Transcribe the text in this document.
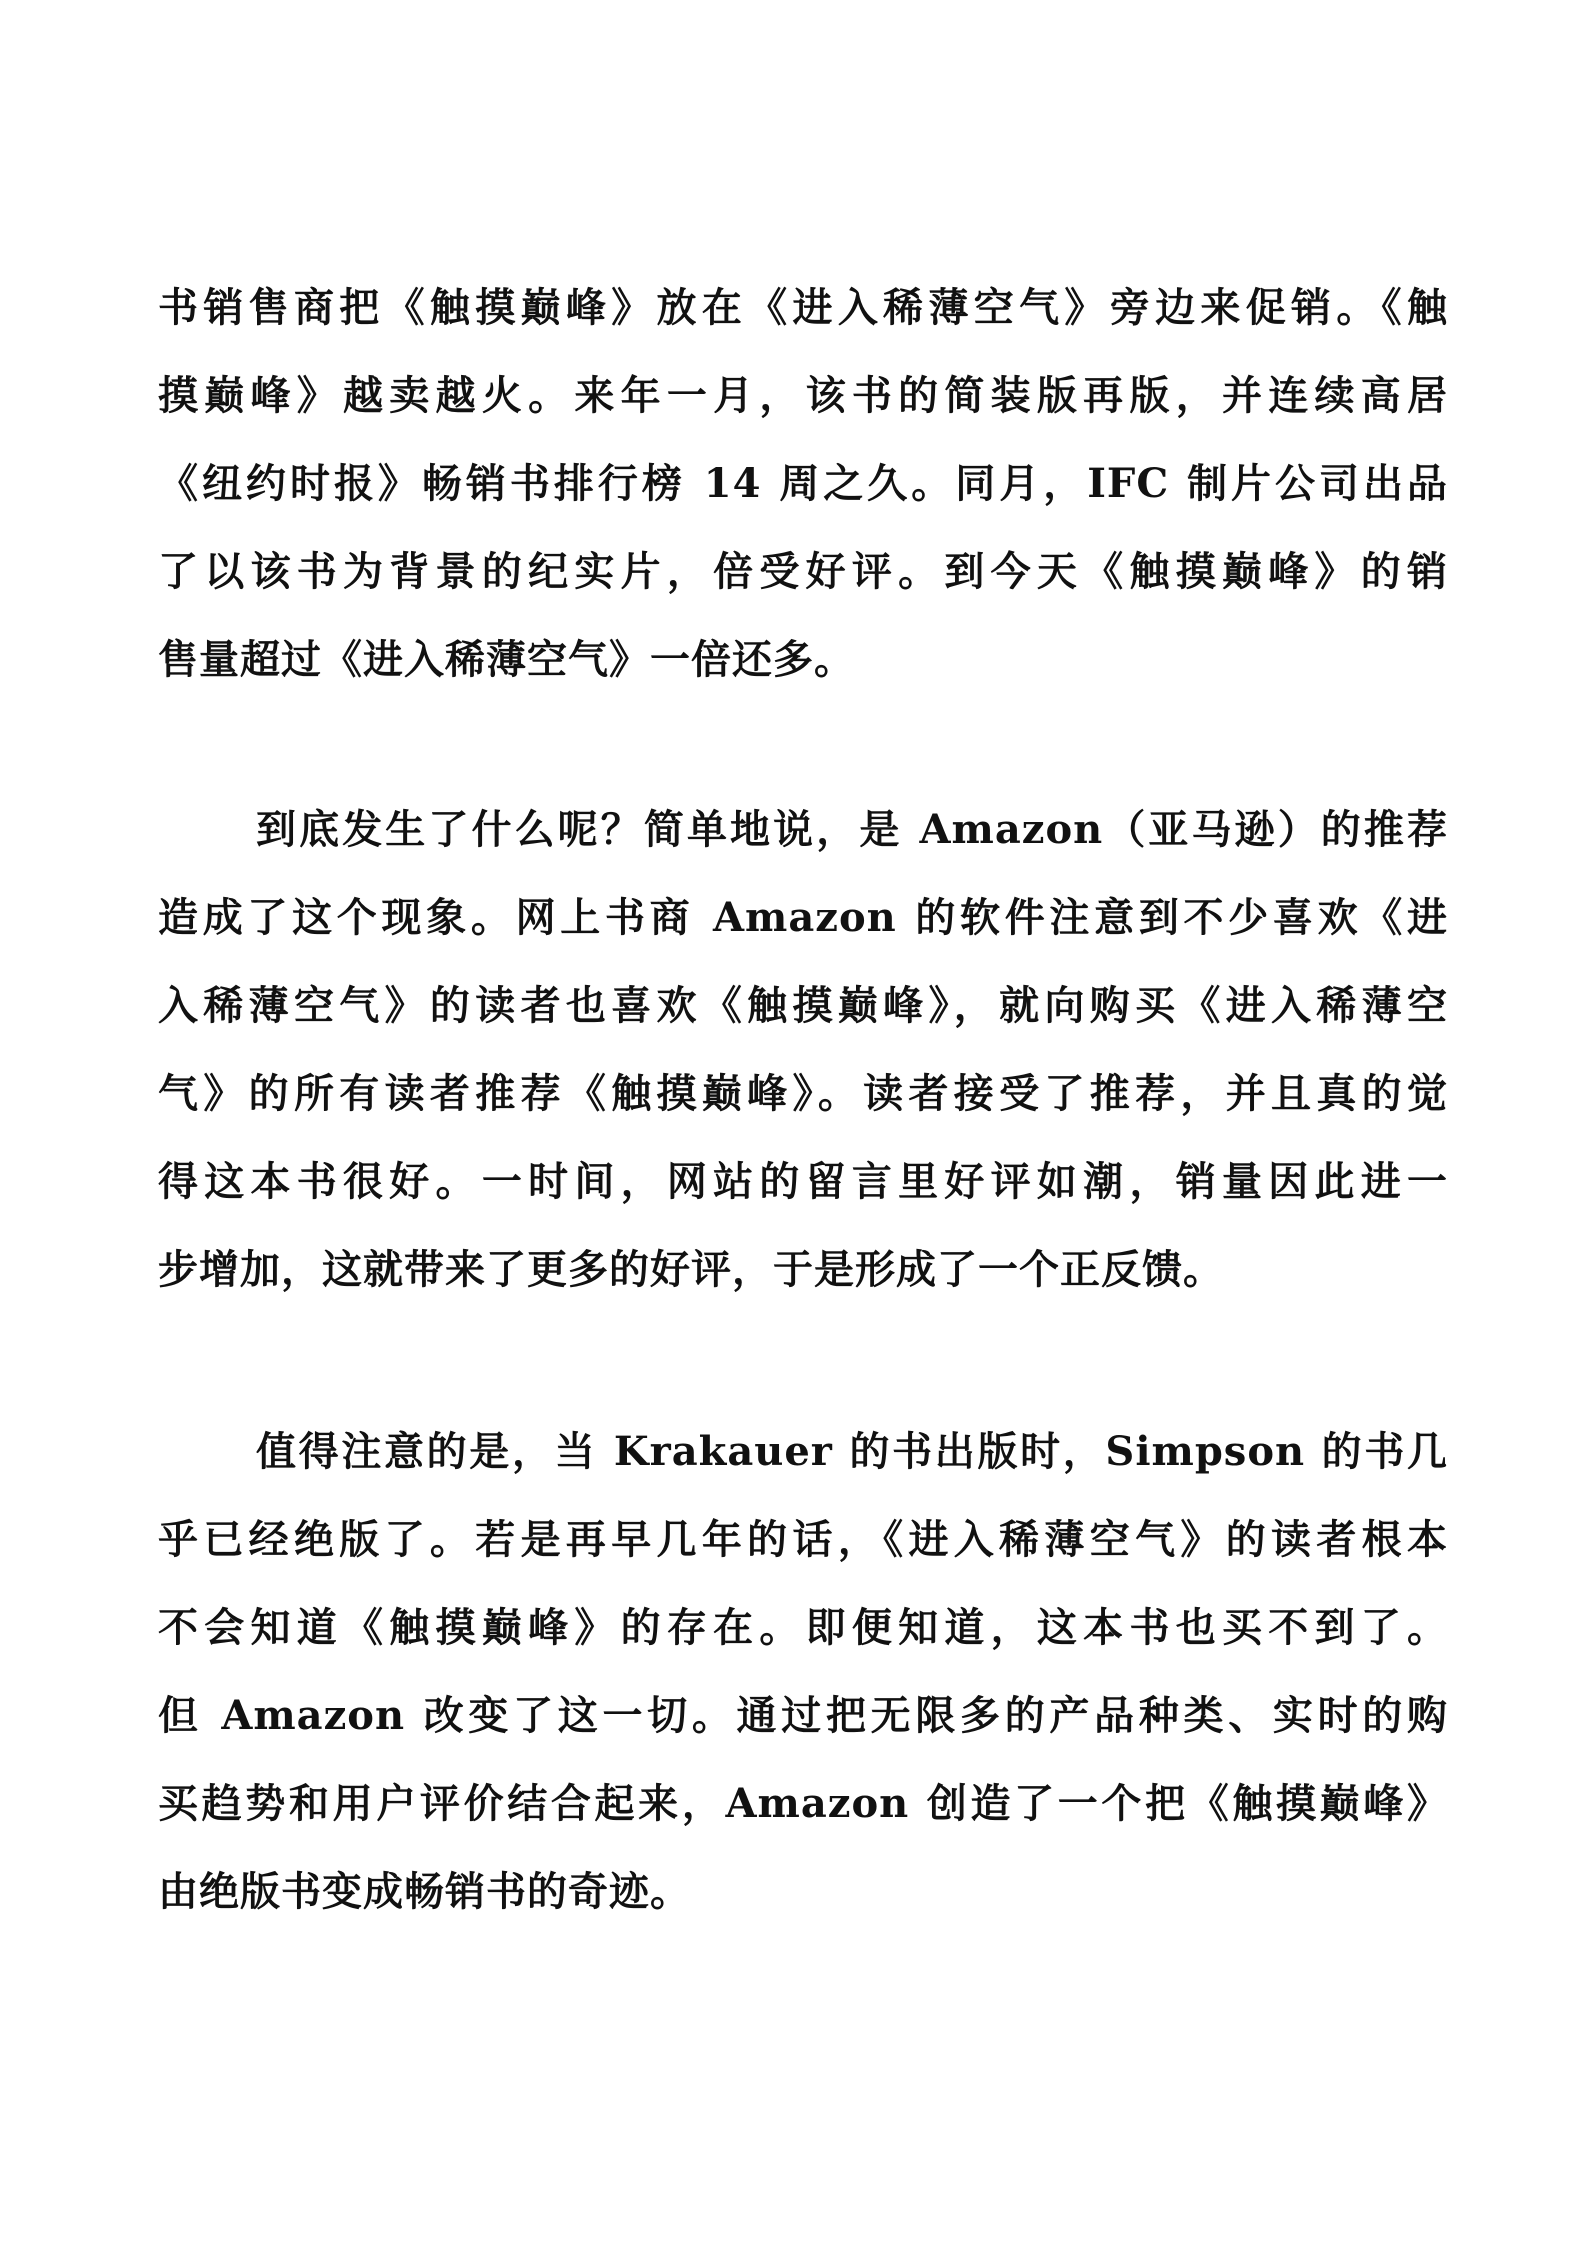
书销售商把《触摸巅峰》放在《进入稀薄空气》旁边来促销。《触
摸巅峰》越卖越火。来年一月，该书的简装版再版，并连续高居
《纽约时报》畅销书排行榜 14 周之久。同月，IFC 制片公司出品
了以该书为背景的纪实片，倍受好评。到今天《触摸巅峰》的销
售量超过《进入稀薄空气》一倍还多。
到底发生了什么呢？简单地说，是 Amazon（亚马逊）的推荐
造成了这个现象。网上书商 Amazon 的软件注意到不少喜欢《进
入稀薄空气》的读者也喜欢《触摸巅峰》，就向购买《进入稀薄空
气》的所有读者推荐《触摸巅峰》。读者接受了推荐，并且真的觉
得这本书很好。一时间，网站的留言里好评如潮，销量因此进一
步增加，这就带来了更多的好评，于是形成了一个正反馈。
值得注意的是，当 Krakauer 的书出版时，Simpson 的书几
乎已经绝版了。若是再早几年的话，《进入稀薄空气》的读者根本
不会知道《触摸巅峰》的存在。即便知道，这本书也买不到了。
但 Amazon 改变了这一切。通过把无限多的产品种类、实时的购
买趋势和用户评价结合起来，Amazon 创造了一个把《触摸巅峰》
由绝版书变成畅销书的奇迹。
